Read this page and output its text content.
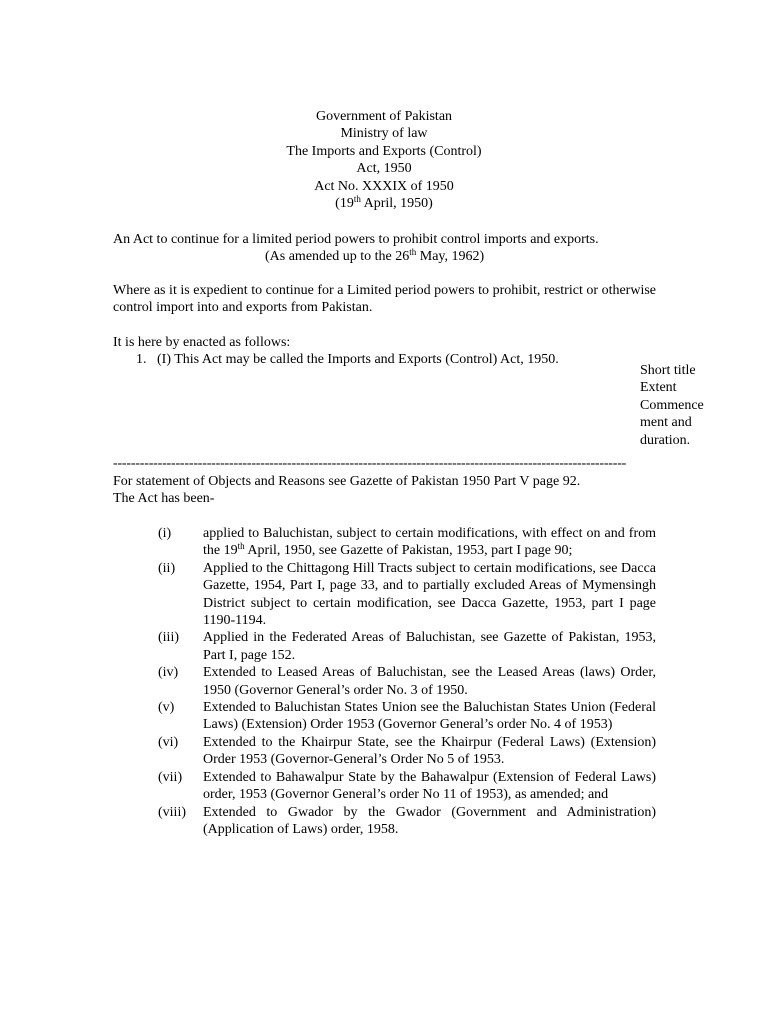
Government of Pakistan
Ministry of law
The Imports and Exports (Control)
Act, 1950
Act No. XXXIX of 1950
(19th April, 1950)
An Act to continue for a limited period powers to prohibit control imports and exports.
(As amended up to the 26th May, 1962)
Where as it is expedient to continue for a Limited period powers to prohibit, restrict or otherwise control import into and exports from Pakistan.
It is here by enacted as follows:
1. (I) This Act may be called the Imports and Exports (Control) Act, 1950.
Short title
Extent
Commence
ment and
duration.
-------------------------------------------------------------------------------------------------------------------
For statement of Objects and Reasons see Gazette of Pakistan 1950 Part V page 92.
The Act has been-
(i)	applied to Baluchistan, subject to certain modifications, with effect on and from the 19th April, 1950, see Gazette of Pakistan, 1953, part I page 90;
(ii)	Applied to the Chittagong Hill Tracts subject to certain modifications, see Dacca Gazette, 1954, Part I, page 33, and to partially excluded Areas of Mymensingh District subject to certain modification, see Dacca Gazette, 1953, part I page 1190-1194.
(iii)	Applied in the Federated Areas of Baluchistan, see Gazette of Pakistan, 1953, Part I, page 152.
(iv)	Extended to Leased Areas of Baluchistan, see the Leased Areas (laws) Order, 1950 (Governor General’s order No. 3 of 1950.
(v)	Extended to Baluchistan States Union see the Baluchistan States Union (Federal Laws) (Extension) Order 1953 (Governor General’s order No. 4 of 1953)
(vi)	Extended to the Khairpur State, see the Khairpur (Federal Laws) (Extension) Order 1953 (Governor-General’s Order No 5 of 1953.
(vii)	Extended to Bahawalpur State by the Bahawalpur (Extension of Federal Laws) order, 1953 (Governor General’s order No 11 of 1953), as amended; and
(viii)	Extended to Gwador by the Gwador (Government and Administration) (Application of Laws) order, 1958.
